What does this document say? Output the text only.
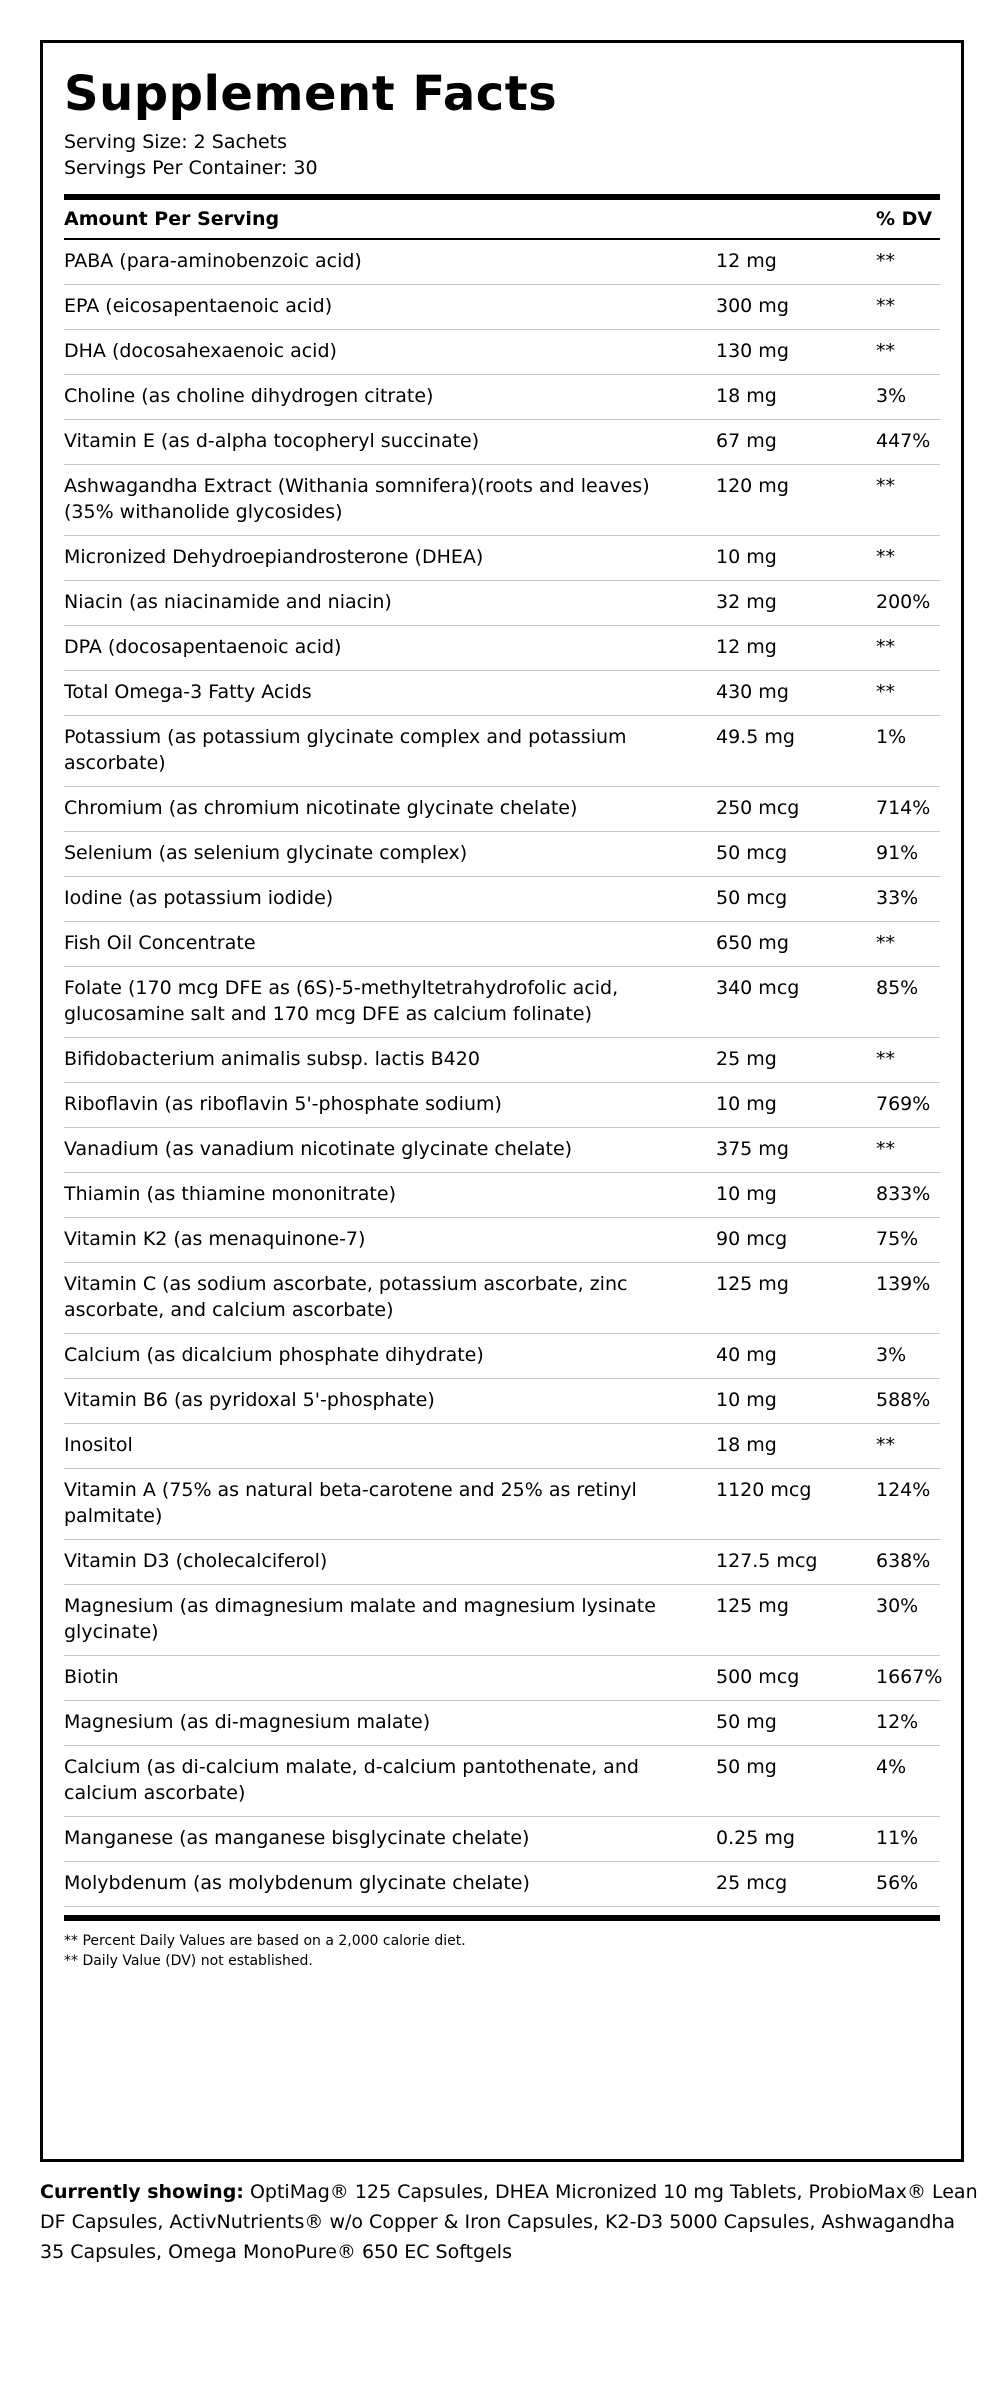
Supplement Facts
Serving Size: 2 Sachets
Servings Per Container: 30
Amount Per Serving	% DV
PABA (para-aminobenzoic acid)	12 mg	**
EPA (eicosapentaenoic acid)	300 mg	**
DHA (docosahexaenoic acid)	130 mg	**
Choline (as choline dihydrogen citrate)	18 mg	3%
Vitamin E (as d-alpha tocopheryl succinate)	67 mg	447%
Ashwagandha Extract (Withania somnifera)(roots and leaves)(35% withanolide glycosides)
120 mg	**
Micronized Dehydroepiandrosterone (DHEA)	10 mg	**
Niacin (as niacinamide and niacin)	32 mg	200%
DPA (docosapentaenoic acid)	12 mg	**
Total Omega-3 Fatty Acids	430 mg	**
Potassium (as potassium glycinate complex and potassium ascorbate)
49.5 mg	1%
Chromium (as chromium nicotinate glycinate chelate)	250 mcg	714%
Selenium (as selenium glycinate complex)	50 mcg	91%
Iodine (as potassium iodide)	50 mcg	33%
Fish Oil Concentrate	650 mg	**
Folate (170 mcg DFE as (6S)-5-methyltetrahydrofolic acid, glucosamine salt and 170 mcg DFE as calcium folinate)
340 mcg	85%
Bifidobacterium animalis subsp. lactis B420	25 mg	**
Riboflavin (as riboflavin 5'-phosphate sodium)	10 mg	769%
Vanadium (as vanadium nicotinate glycinate chelate)	375 mg	**
Thiamin (as thiamine mononitrate)	10 mg	833%
Vitamin K2 (as menaquinone-7)	90 mcg	75%
Vitamin C (as sodium ascorbate, potassium ascorbate, zinc ascorbate, and calcium ascorbate)
125 mg	139%
Calcium (as dicalcium phosphate dihydrate)	40 mg	3%
Vitamin B6 (as pyridoxal 5'-phosphate)	10 mg	588%
Inositol	18 mg	**
Vitamin A (75% as natural beta-carotene and 25% as retinyl palmitate)
1120 mcg	124%
Vitamin D3 (cholecalciferol)	127.5 mcg	638%
Magnesium (as dimagnesium malate and magnesium lysinate glycinate)
125 mg	30%
Biotin	500 mcg	1667%
Magnesium (as di-magnesium malate)	50 mg	12%
Calcium (as di-calcium malate, d-calcium pantothenate, and calcium ascorbate)
50 mg	4%
Manganese (as manganese bisglycinate chelate)	0.25 mg	11%
Molybdenum (as molybdenum glycinate chelate)	25 mcg	56%
** Percent Daily Values are based on a 2,000 calorie diet.
** Daily Value (DV) not established.
Currently showing: OptiMag® 125 Capsules, DHEA Micronized 10 mg Tablets, ProbioMax® Lean DF Capsules, ActivNutrients® w/o Copper & Iron Capsules, K2-D3 5000 Capsules, Ashwagandha 35 Capsules, Omega MonoPure® 650 EC Softgels
